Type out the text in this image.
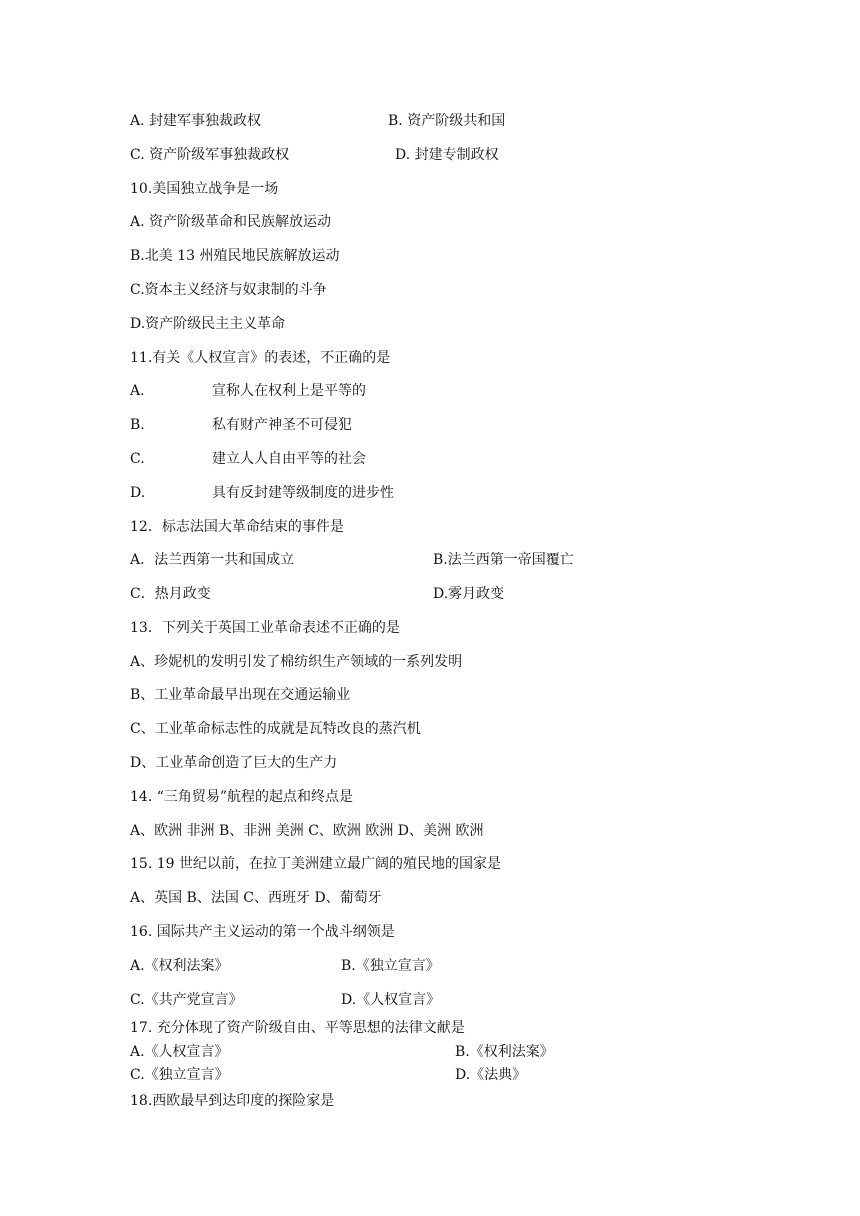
A. 封建军事独裁政权	B. 资产阶级共和国
C. 资产阶级军事独裁政权	D. 封建专制政权
10.美国独立战争是一场
A. 资产阶级革命和民族解放运动
B.北美 13 州殖民地民族解放运动
C.资本主义经济与奴隶制的斗争
D.资产阶级民主主义革命
11.有关《人权宣言》的表述，不正确的是
A.	宣称人在权利上是平等的
B.	私有财产神圣不可侵犯
C.	建立人人自由平等的社会
D.	具有反封建等级制度的进步性
12．标志法国大革命结束的事件是
A．法兰西第一共和国成立	B.法兰西第一帝国覆亡
C．热月政变	D.雾月政变
13．下列关于英国工业革命表述不正确的是
A、珍妮机的发明引发了棉纺织生产领域的一系列发明
B、工业革命最早出现在交通运输业
C、工业革命标志性的成就是瓦特改良的蒸汽机
D、工业革命创造了巨大的生产力
14. “三角贸易”航程的起点和终点是
A、欧洲 非洲 B、非洲 美洲 C、欧洲 欧洲 D、美洲 欧洲
15. 19 世纪以前，在拉丁美洲建立最广阔的殖民地的国家是
A、英国 B、法国 C、西班牙 D、葡萄牙
16. 国际共产主义运动的第一个战斗纲领是
A.《权利法案》	B.《独立宣言》
C.《共产党宣言》	D.《人权宣言》
17. 充分体现了资产阶级自由、平等思想的法律文献是
A.《人权宣言》	B.《权利法案》
C.《独立宣言》	D.《法典》
18.西欧最早到达印度的探险家是
